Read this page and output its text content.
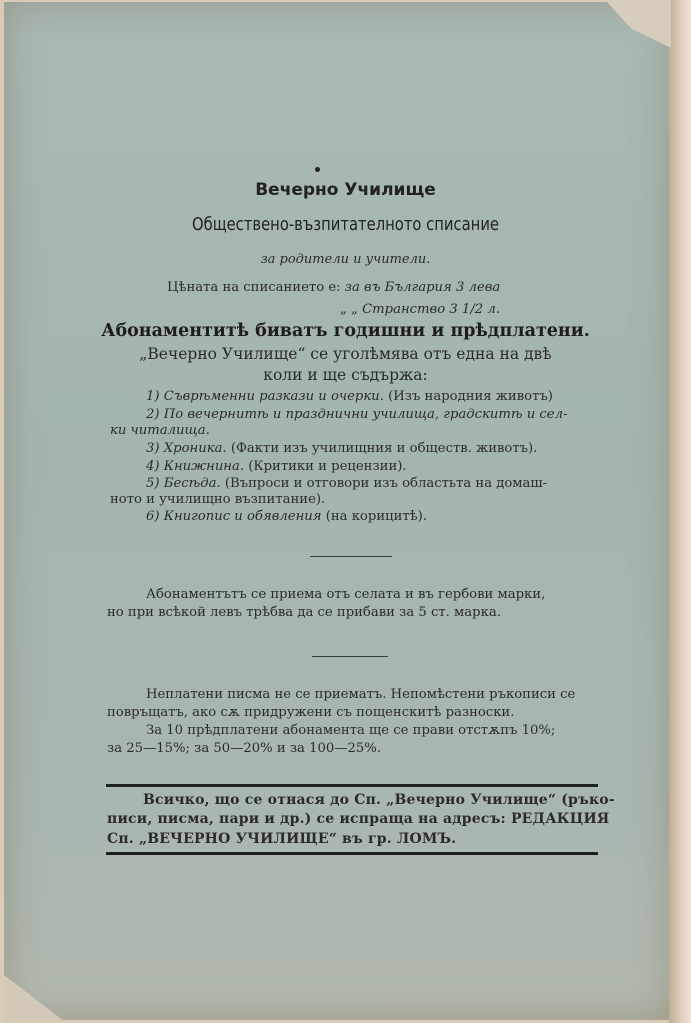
Вечерно Училище
Обществено-възпитателното списание
за родители и учители.
Цѣната на списанието е: за въ България 3 лева
„ „ Странство 3 1/2 л.
Абонаментитѣ биватъ годишни и прѣдплатени.
„Вечерно Училище“ се уголѣмява отъ една на двѣ
коли и ще съдържа:
1) Съврѣменни разкази и очерки. (Изъ народния животъ)
2) По вечернитѣ и празднични училища, градскитѣ и сел-
ки читалища.
3) Хроника. (Факти изъ училищния и обществ. животъ).
4) Книжнина. (Критики и рецензии).
5) Бесѣда. (Въпроси и отговори изъ областьта на домаш-
ното и училищно възпитание).
6) Книгопис и обявления (на корицитѣ).
Абонаментътъ се приема отъ селата и въ гербови марки,
но при всѣкой левъ трѣбва да се прибави за 5 ст. марка.
Неплатени писма не се приематъ. Непомѣстени ръкописи се
повръщатъ, ако сѫ придружени съ пощенскитѣ разноски.
За 10 прѣдплатени абонамента ще се прави отстѫпъ 10%;
за 25—15%; за 50—20% и за 100—25%.
Всичко, що се отнася до Сп. „Вечерно Училище“ (ръко-
писи, писма, пари и др.) се испраща на адресъ: РЕДАКЦИЯ
Сп. „ВЕЧЕРНО УЧИЛИЩЕ“ въ гр. ЛОМЪ.
